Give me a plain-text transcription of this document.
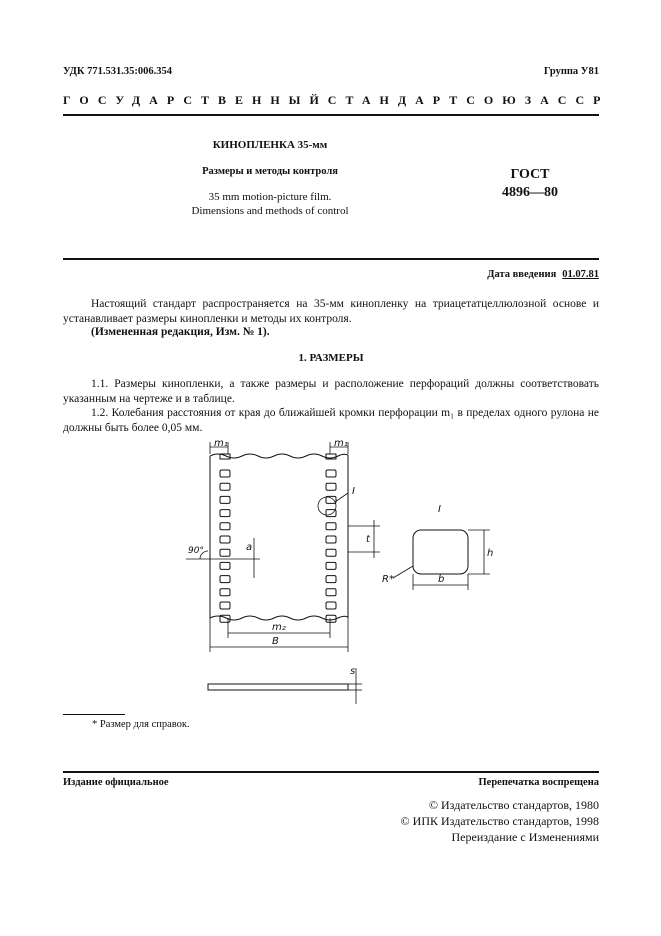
УДК 771.531.35:006.354	Группа У81
ГОСУДАРСТВЕННЫЙ СТАНДАРТ СОЮЗА ССР
КИНОПЛЕНКА 35-мм
Размеры и методы контроля
35 mm motion-picture film.
Dimensions and methods of control
ГОСТ
4896—80
Дата введения 01.07.81
Настоящий стандарт распространяется на 35-мм кинопленку на триацетатцеллюлозной основе и устанавливает размеры кинопленки и методы их контроля.
(Измененная редакция, Изм. № 1).
1. РАЗМЕРЫ
1.1. Размеры кинопленки, а также размеры и расположение перфораций должны соответствовать указанным на чертеже и в таблице.
1.2. Колебания расстояния от края до ближайшей кромки перфорации m₁ в пределах одного рулона не должны быть более 0,05 мм.
m₁	m₁
m₂
B
a
t
90°
I
I
h
b
R*
s
* Размер для справок.
Издание официальное	Перепечатка воспрещена
© Издательство стандартов, 1980
© ИПК Издательство стандартов, 1998
Переиздание с Изменениями
